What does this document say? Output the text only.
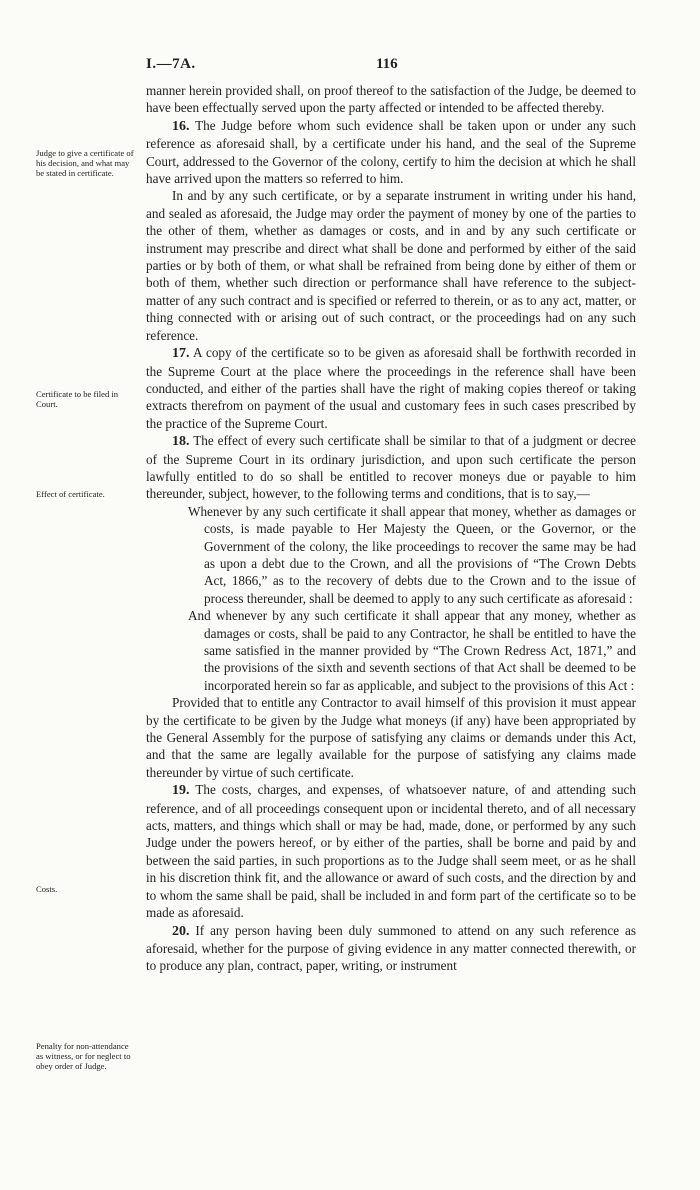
I.—7A.	116
Judge to give a certificate of his decision, and what may be stated in certificate.
Certificate to be filed in Court.
Effect of certificate.
Costs.
Penalty for non-attendance as witness, or for neglect to obey order of Judge.

manner herein provided shall, on proof thereof to the satisfaction of the Judge, be deemed to have been effectually served upon the party affected or intended to be affected thereby.

16. The Judge before whom such evidence shall be taken upon or under any such reference as aforesaid shall, by a certificate under his hand, and the seal of the Supreme Court, addressed to the Governor of the colony, certify to him the decision at which he shall have arrived upon the matters so referred to him.

In and by any such certificate, or by a separate instrument in writing under his hand, and sealed as aforesaid, the Judge may order the payment of money by one of the parties to the other of them, whether as damages or costs, and in and by any such certificate or instrument may prescribe and direct what shall be done and performed by either of the said parties or by both of them, or what shall be refrained from being done by either of them or both of them, whether such direction or performance shall have reference to the subject-matter of any such contract and is specified or referred to therein, or as to any act, matter, or thing connected with or arising out of such contract, or the proceedings had on any such reference.

17. A copy of the certificate so to be given as aforesaid shall be forthwith recorded in the Supreme Court at the place where the proceedings in the reference shall have been conducted, and either of the parties shall have the right of making copies thereof or taking extracts therefrom on payment of the usual and customary fees in such cases prescribed by the practice of the Supreme Court.

18. The effect of every such certificate shall be similar to that of a judgment or decree of the Supreme Court in its ordinary jurisdiction, and upon such certificate the person lawfully entitled to do so shall be entitled to recover moneys due or payable to him thereunder, subject, however, to the following terms and conditions, that is to say,—

Whenever by any such certificate it shall appear that money, whether as damages or costs, is made payable to Her Majesty the Queen, or the Governor, or the Government of the colony, the like proceedings to recover the same may be had as upon a debt due to the Crown, and all the provisions of “The Crown Debts Act, 1866,” as to the recovery of debts due to the Crown and to the issue of process thereunder, shall be deemed to apply to any such certificate as aforesaid :

And whenever by any such certificate it shall appear that any money, whether as damages or costs, shall be paid to any Contractor, he shall be entitled to have the same satisfied in the manner provided by “The Crown Redress Act, 1871,” and the provisions of the sixth and seventh sections of that Act shall be deemed to be incorporated herein so far as applicable, and subject to the provisions of this Act :

Provided that to entitle any Contractor to avail himself of this provision it must appear by the certificate to be given by the Judge what moneys (if any) have been appropriated by the General Assembly for the purpose of satisfying any claims or demands under this Act, and that the same are legally available for the purpose of satisfying any claims made thereunder by virtue of such certificate.

19. The costs, charges, and expenses, of whatsoever nature, of and attending such reference, and of all proceedings consequent upon or incidental thereto, and of all necessary acts, matters, and things which shall or may be had, made, done, or performed by any such Judge under the powers hereof, or by either of the parties, shall be borne and paid by and between the said parties, in such proportions as to the Judge shall seem meet, or as he shall in his discretion think fit, and the allowance or award of such costs, and the direction by and to whom the same shall be paid, shall be included in and form part of the certificate so to be made as aforesaid.

20. If any person having been duly summoned to attend on any such reference as aforesaid, whether for the purpose of giving evidence in any matter connected therewith, or to produce any plan, contract, paper, writing, or instrument
